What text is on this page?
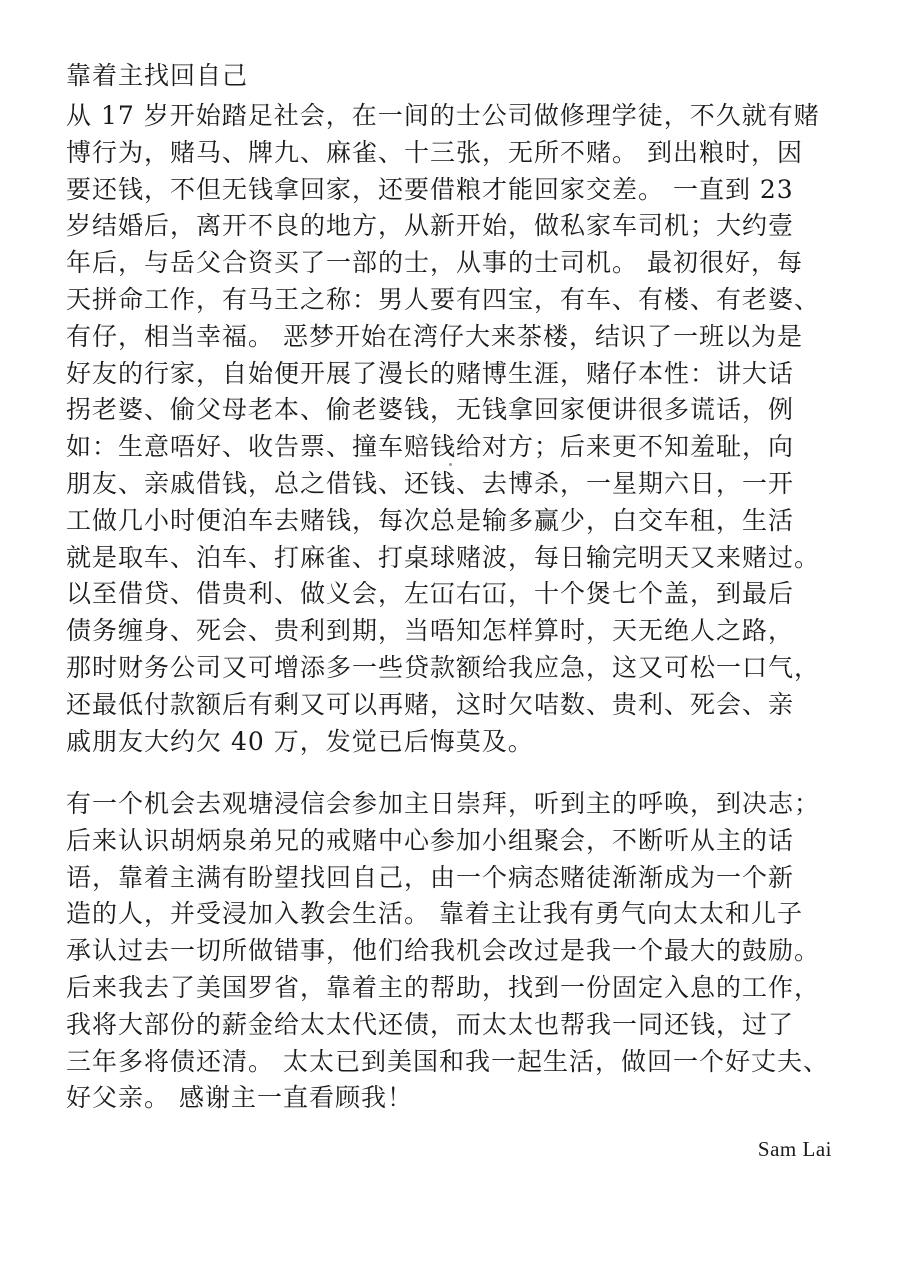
靠着主找回自己
从 17 岁开始踏足社会，在一间的士公司做修理学徒，不久就有赌
博行为，赌马、牌九、麻雀、十三张，无所不赌。 到出粮时，因
要还钱，不但无钱拿回家，还要借粮才能回家交差。 一直到 23
岁结婚后，离开不良的地方，从新开始，做私家车司机；大约壹
年后，与岳父合资买了一部的士，从事的士司机。 最初很好，每
天拼命工作，有马王之称：男人要有四宝，有车、有楼、有老婆、
有仔，相当幸福。 恶梦开始在湾仔大来茶楼，结识了一班以为是
好友的行家，自始便开展了漫长的赌博生涯，赌仔本性：讲大话
拐老婆、偷父母老本、偷老婆钱，无钱拿回家便讲很多谎话，例
如：生意唔好、收告票、撞车赔钱给对方；后来更不知羞耻，向
朋友、亲戚借钱，总之借钱、还钱、去博杀，一星期六日，一开
工做几小时便泊车去赌钱，每次总是输多赢少，白交车租，生活
就是取车、泊车、打麻雀、打桌球赌波，每日输完明天又来赌过。
以至借贷、借贵利、做义会，左冚右冚，十个煲七个盖，到最后
债务缠身、死会、贵利到期，当唔知怎样算时，天无绝人之路，
那时财务公司又可增添多一些贷款额给我应急，这又可松一口气，
还最低付款额后有剩又可以再赌，这时欠咭数、贵利、死会、亲
戚朋友大约欠 40 万，发觉已后悔莫及。
有一个机会去观塘浸信会参加主日崇拜，听到主的呼唤，到决志；
后来认识胡炳泉弟兄的戒赌中心参加小组聚会，不断听从主的话
语，靠着主满有盼望找回自己，由一个病态赌徒渐渐成为一个新
造的人，并受浸加入教会生活。 靠着主让我有勇气向太太和儿子
承认过去一切所做错事，他们给我机会改过是我一个最大的鼓励。
后来我去了美国罗省，靠着主的帮助，找到一份固定入息的工作，
我将大部份的薪金给太太代还债，而太太也帮我一同还钱，过了
三年多将债还清。 太太已到美国和我一起生活，做回一个好丈夫、
好父亲。 感谢主一直看顾我！
Sam Lai
